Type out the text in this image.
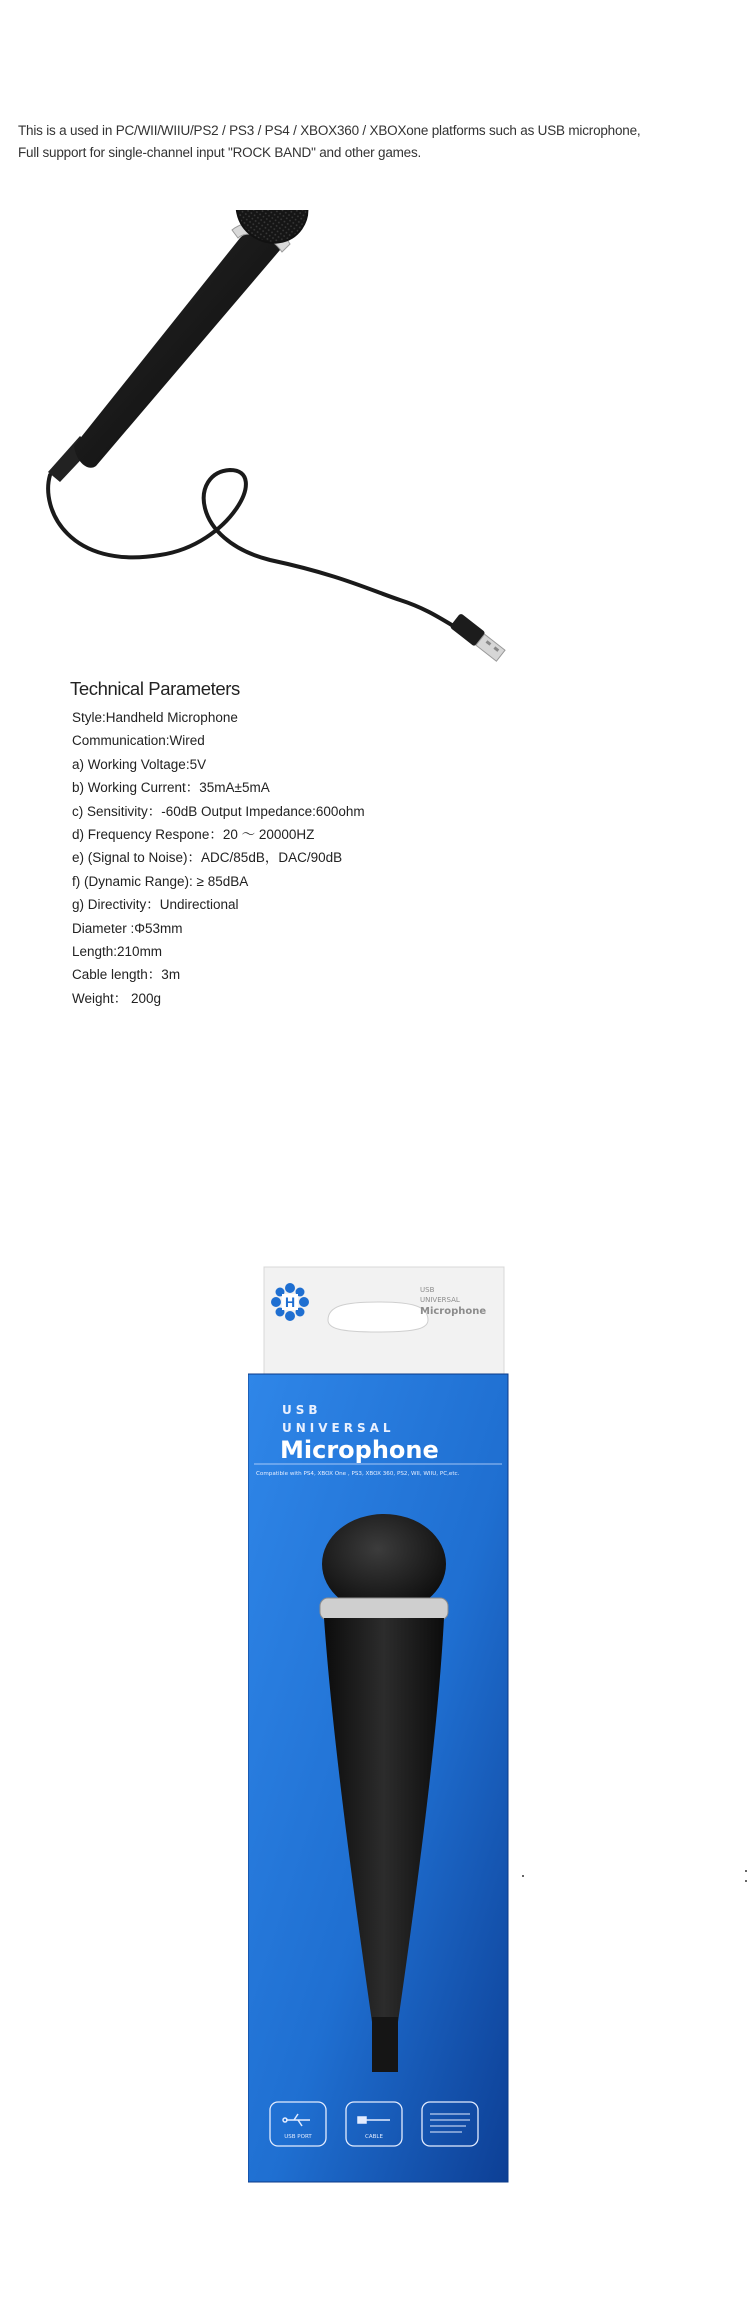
This is a used in PC/WII/WIIU/PS2 / PS3 / PS4 / XBOX360 / XBOXone platforms such as USB microphone,

Full support for single-channel input "ROCK BAND" and other games.

Technical Parameters
Style:Handheld Microphone
Communication:Wired
a) Working Voltage:5V
b) Working Current：35mA±5mA
c) Sensitivity：-60dB Output Impedance:600ohm
d) Frequency Respone：20 ～ 20000HZ
e) (Signal to Noise)：ADC/85dB，DAC/90dB
f) (Dynamic Range): ≥ 85dBA
g) Directivity：Undirectional
Diameter :Φ53mm
Length:210mm
Cable length：3m
Weight： 200g
H
USB
UNIVERSAL
Microphone
USB
UNIVERSAL
Microphone
Compatible with PS4, XBOX One , PS3, XBOX 360, PS2, WII, WIIU, PC,etc.
USB PORT	CABLE
